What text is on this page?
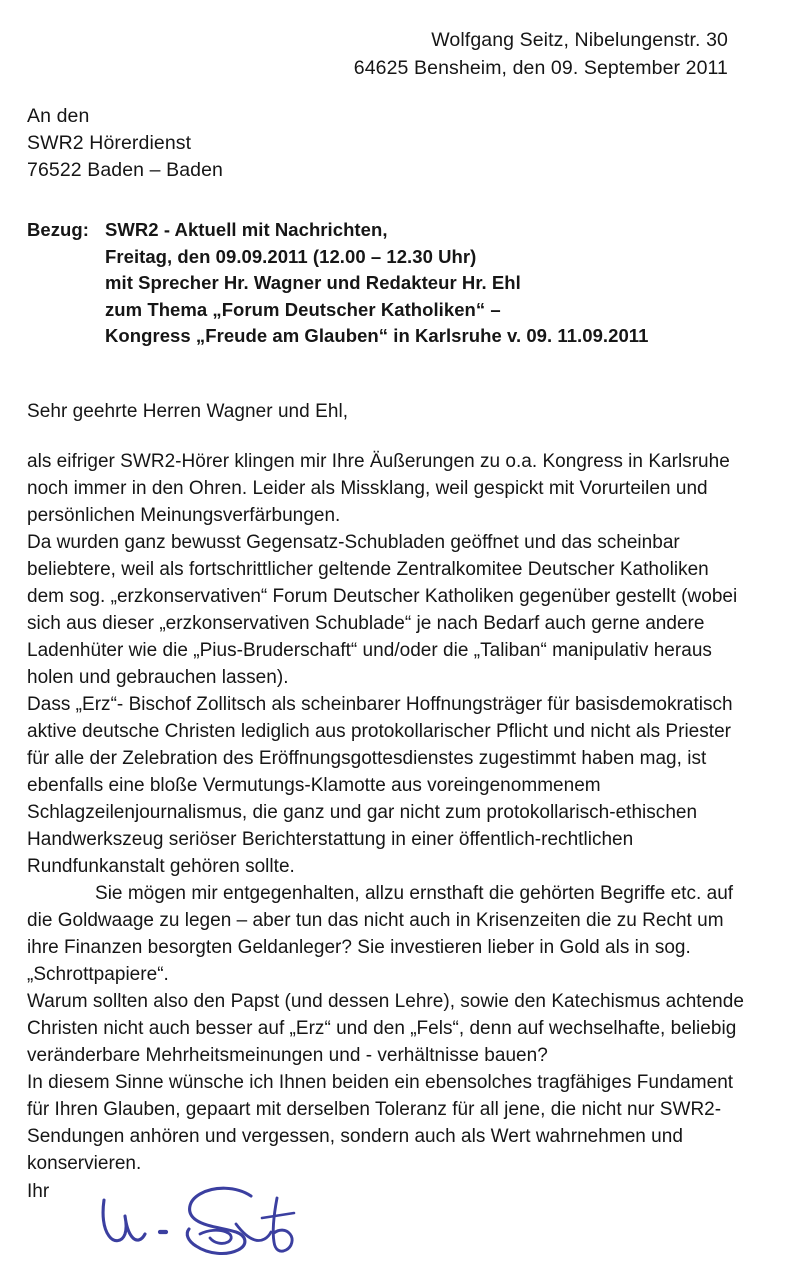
Wolfgang Seitz, Nibelungenstr. 30
64625 Bensheim, den 09. September 2011
An den
SWR2 Hörerdienst
76522 Baden – Baden
Bezug: SWR2 - Aktuell mit Nachrichten,
Freitag, den 09.09.2011 (12.00 – 12.30 Uhr)
mit Sprecher Hr. Wagner und Redakteur Hr. Ehl
zum Thema „Forum Deutscher Katholiken“ –
Kongress „Freude am Glauben“ in Karlsruhe v. 09. 11.09.2011
Sehr geehrte Herren Wagner und Ehl,
als eifriger SWR2-Hörer klingen mir Ihre Äußerungen zu o.a. Kongress in Karlsruhe
noch immer in den Ohren. Leider als Missklang, weil gespickt mit Vorurteilen und
persönlichen Meinungsverfärbungen.
Da wurden ganz bewusst Gegensatz-Schubladen geöffnet und das scheinbar
beliebtere, weil als fortschrittlicher geltende Zentralkomitee Deutscher Katholiken
dem sog. „erzkonservativen“ Forum Deutscher Katholiken gegenüber gestellt (wobei
sich aus dieser „erzkonservativen Schublade“ je nach Bedarf auch gerne andere
Ladenhüter wie die „Pius-Bruderschaft“ und/oder die „Taliban“ manipulativ heraus
holen und gebrauchen lassen).
Dass „Erz“- Bischof Zollitsch als scheinbarer Hoffnungsträger für basisdemokratisch
aktive deutsche Christen lediglich aus protokollarischer Pflicht und nicht als Priester
für alle der Zelebration des Eröffnungsgottesdienstes zugestimmt haben mag, ist
ebenfalls eine bloße Vermutungs-Klamotte aus voreingenommenem
Schlagzeilenjournalismus, die ganz und gar nicht zum protokollarisch-ethischen
Handwerkszeug seriöser Berichterstattung in einer öffentlich-rechtlichen
Rundfunkanstalt gehören sollte.
Sie mögen mir entgegenhalten, allzu ernsthaft die gehörten Begriffe etc. auf
die Goldwaage zu legen – aber tun das nicht auch in Krisenzeiten die zu Recht um
ihre Finanzen besorgten Geldanleger? Sie investieren lieber in Gold als in sog.
„Schrottpapiere“.
Warum sollten also den Papst (und dessen Lehre), sowie den Katechismus achtende
Christen nicht auch besser auf „Erz“ und den „Fels“, denn auf wechselhafte, beliebig
veränderbare Mehrheitsmeinungen und - verhältnisse bauen?
In diesem Sinne wünsche ich Ihnen beiden ein ebensolches tragfähiges Fundament
für Ihren Glauben, gepaart mit derselben Toleranz für all jene, die nicht nur SWR2-
Sendungen anhören und vergessen, sondern auch als Wert wahrnehmen und
konservieren.
Ihr
